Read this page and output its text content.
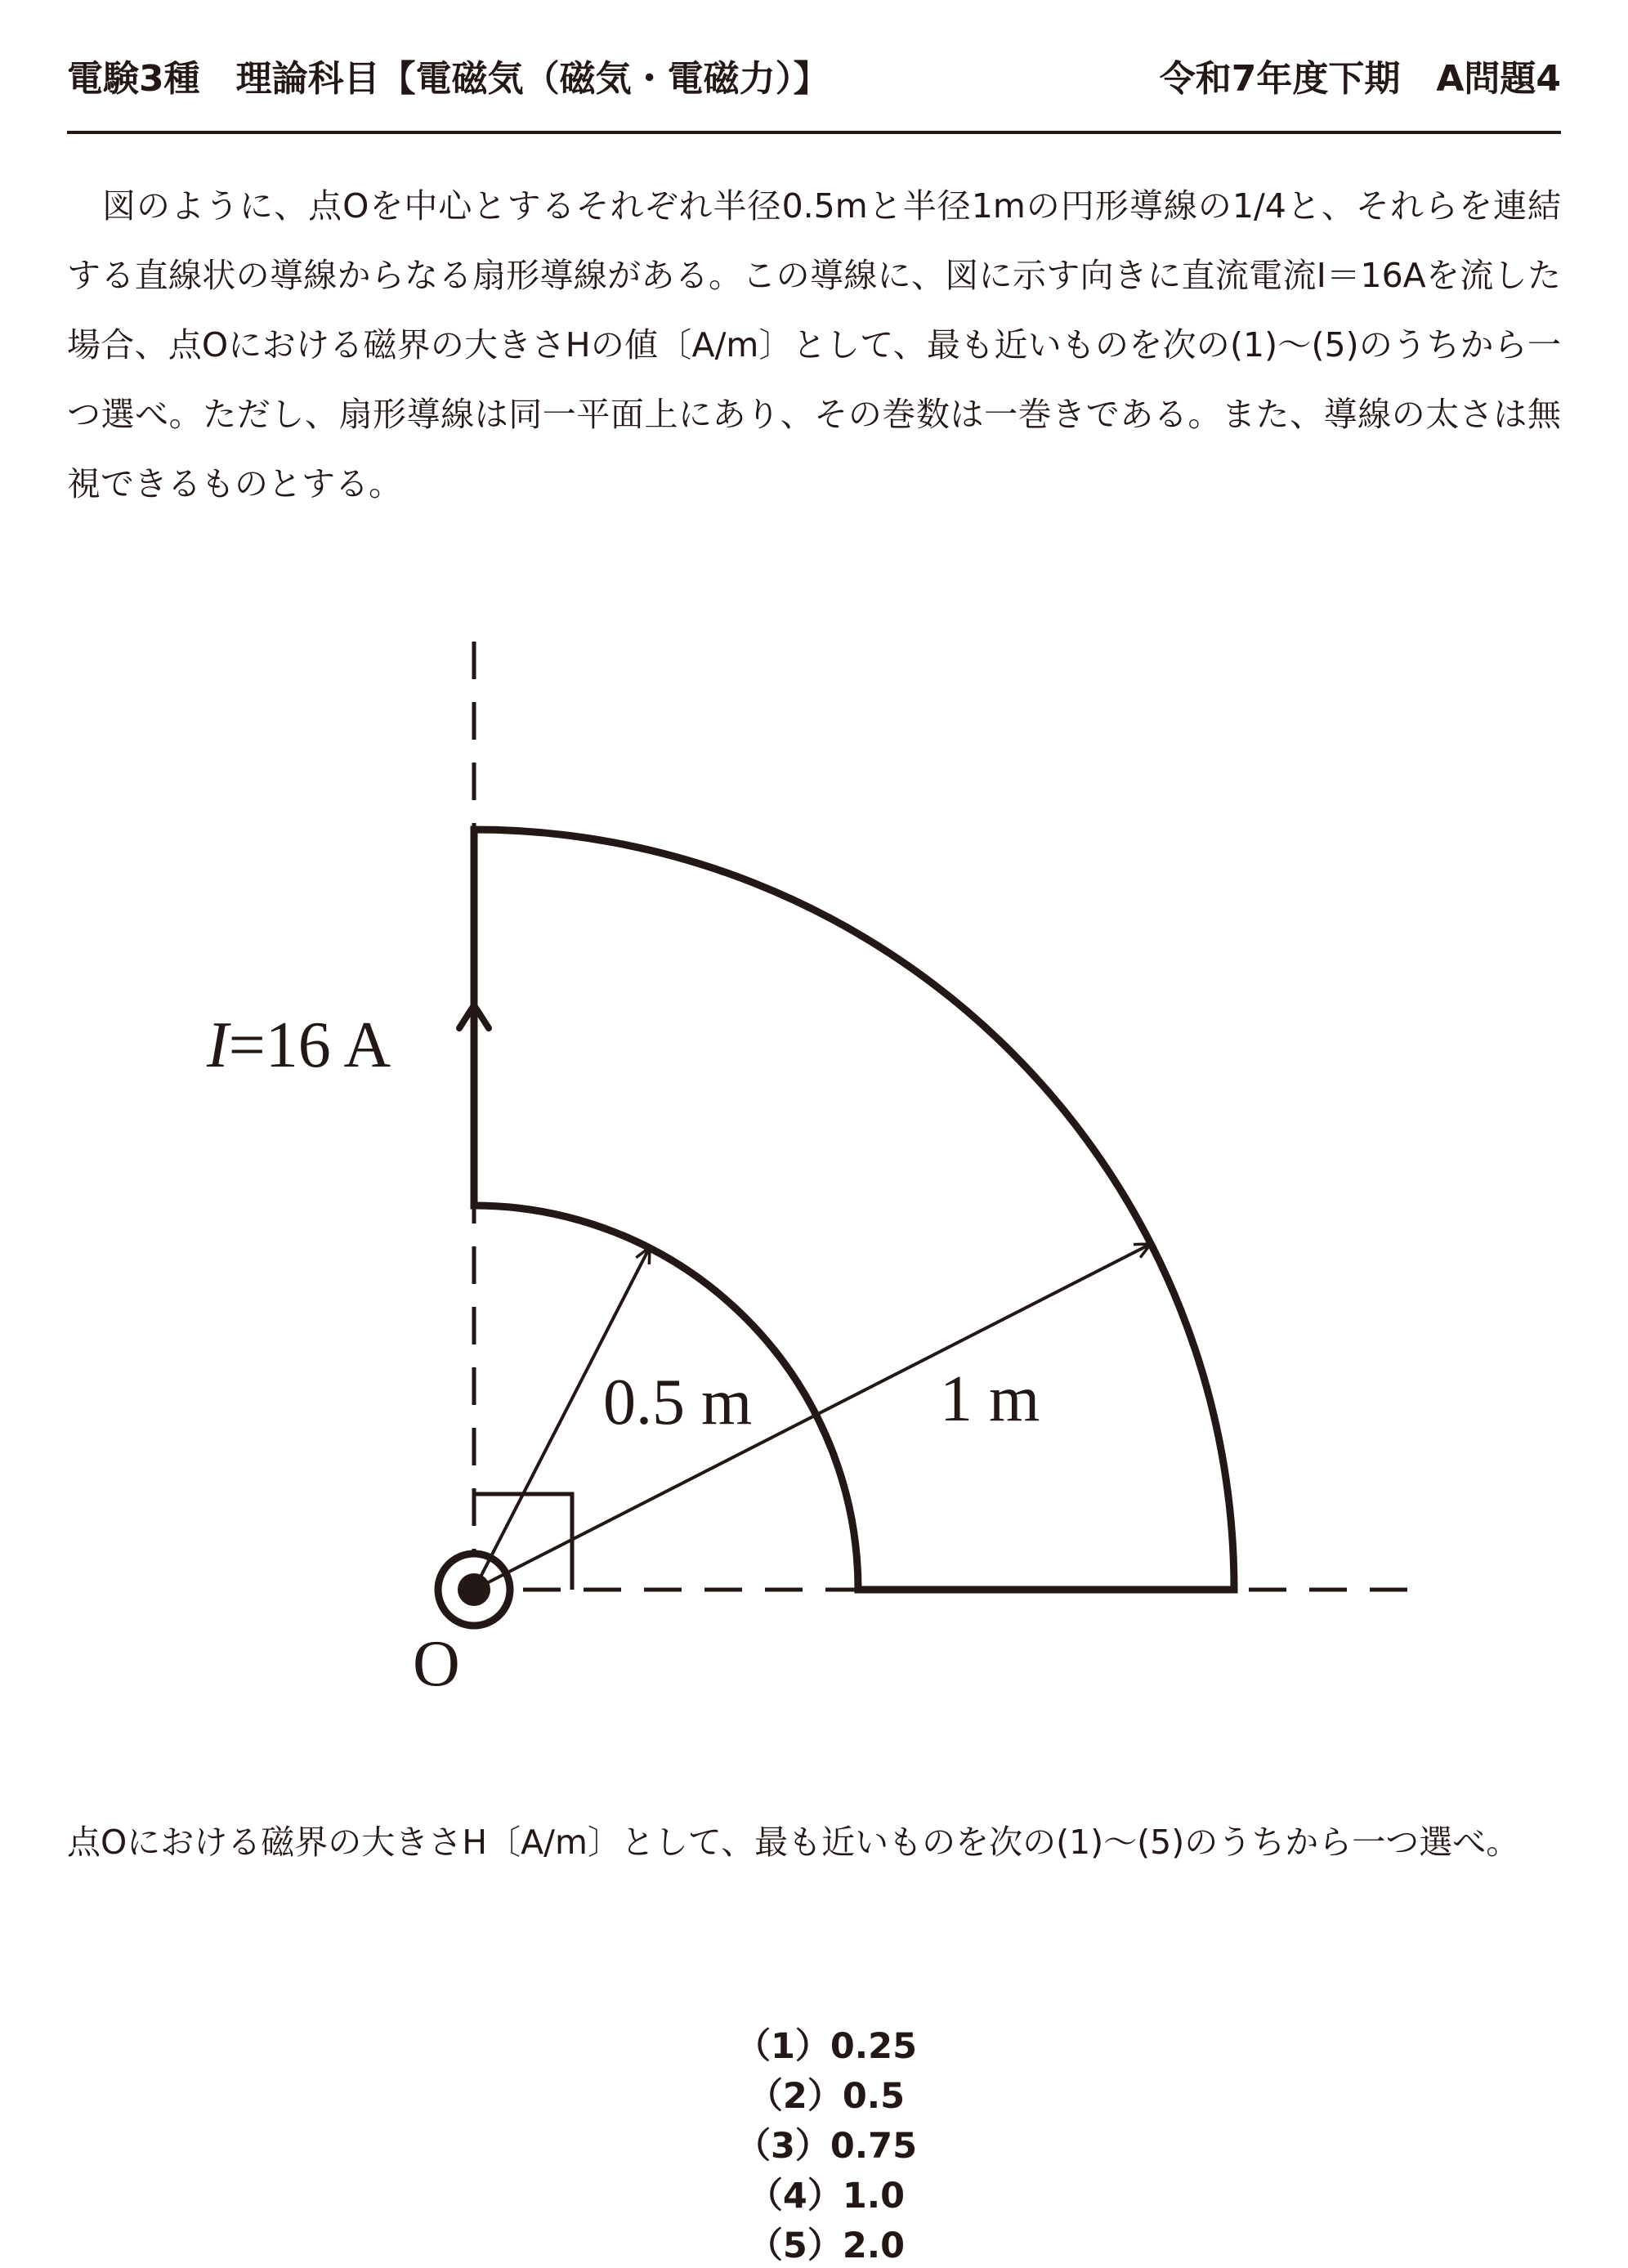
電験3種　理論科目【電磁気（磁気・電磁力）】	令和7年度下期　A問題4
図のように、点Oを中心とするそれぞれ半径0.5mと半径1mの円形導線の1/4と、それらを連結する直線状の導線からなる扇形導線がある。この導線に、図に示す向きに直流電流I＝16Aを流した場合、点Oにおける磁界の大きさHの値〔A/m〕として、最も近いものを次の(1)～(5)のうちから一つ選べ。ただし、扇形導線は同一平面上にあり、その巻数は一巻きである。また、導線の太さは無視できるものとする。
I=16 A
0.5 m	1 m
O
点Oにおける磁界の大きさH〔A/m〕として、最も近いものを次の(1)～(5)のうちから一つ選べ。

（1）0.25
（2）0.5
（3）0.75
（4）1.0
（5）2.0
